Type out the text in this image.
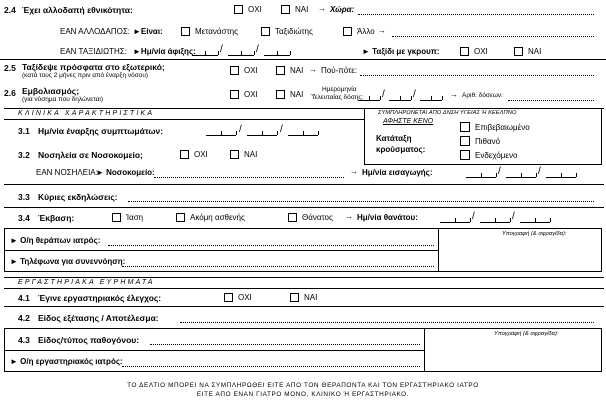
2.4 Έχει αλλοδαπή εθνικότητα:	ΟΧΙ	ΝΑΙ → Χώρα:
ΕΑΝ ΑΛΛΟΔΑΠΟΣ: ►Είναι:	Μετανάστης	Ταξιδιώτης	Άλλο →
ΕΑΝ ΤΑΞΙΔΙΩΤΗΣ: ►Ημ/νία άφιξης: /	/	► Ταξίδι με γκρουπ:	ΟΧΙ	ΝΑΙ
2.5 Ταξίδεψε πρόσφατα στο εξωτερικό;
(κατά τους 2 μήνες πριν από έναρξη νόσου)
ΟΧΙ	ΝΑΙ → Πού-πότε:
2.6 Εμβολιασμός;
(για νόσημα που δηλώνεται)
ΟΧΙ	ΝΑΙ → Ημερομηνία
τελευταίας δόσης: /	/	→ Αριθ. δόσεων:
ΚΛΙΝΙΚΑ ΧΑΡΑΚΤΗΡΙΣΤΙΚΑ	ΣΥΜΠΛΗΡΩΝΕΤΑΙ ΑΠΟ ΔΝΣΗ ΥΓΕΙΑΣ Ή ΚΕΕΛΠΝΟ
ΑΦΗΣΤΕ ΚΕΝΟ
Κατάταξη
κρούσματος:
Επιβεβαιωμένο
Πιθανό
Ενδεχόμενο
3.1 Ημ/νία έναρξης συμπτωμάτων:	/	/
3.2 Νοσηλεία σε Νοσοκομείο;	ΟΧΙ	ΝΑΙ
ΕΑΝ ΝΟΣΗΛΕΙΑ:
► Νοσοκομείο:	→ Ημ/νία εισαγωγής:	/	/
3.3 Κύριες εκδηλώσεις:
3.4 Έκβαση:	Ίαση	Ακόμη ασθενής	Θάνατος → Ημ/νία θανάτου:	/	/
► Ο/η θεράπων ιατρός:
► Τηλέφωνα για συνεννόηση:
Υπογραφή (& σφραγίδα):
ΕΡΓΑΣΤΗΡΙΑΚΑ ΕΥΡΗΜΑΤΑ
4.1 Έγινε εργαστηριακός έλεγχος:	ΟΧΙ	ΝΑΙ
4.2 Είδος εξέτασης / Αποτέλεσμα:
4.3 Είδος/τύπος παθογόνου:
► Ο/η εργαστηριακός ιατρός:
Υπογραφή (& σφραγίδα):
ΤΟ ΔΕΛΤΙΟ ΜΠΟΡΕΙ ΝΑ ΣΥΜΠΛΗΡΩΘΕΙ ΕΙΤΕ ΑΠΟ ΤΟΝ ΘΕΡΑΠΟΝΤΑ ΚΑΙ ΤΟΝ ΕΡΓΑΣΤΗΡΙΑΚΟ ΙΑΤΡΟ
ΕΙΤΕ ΑΠΟ ΕΝΑΝ ΓΙΑΤΡΟ ΜΟΝΟ, ΚΛΙΝΙΚΟ Ή ΕΡΓΑΣΤΗΡΙΑΚΟ.
